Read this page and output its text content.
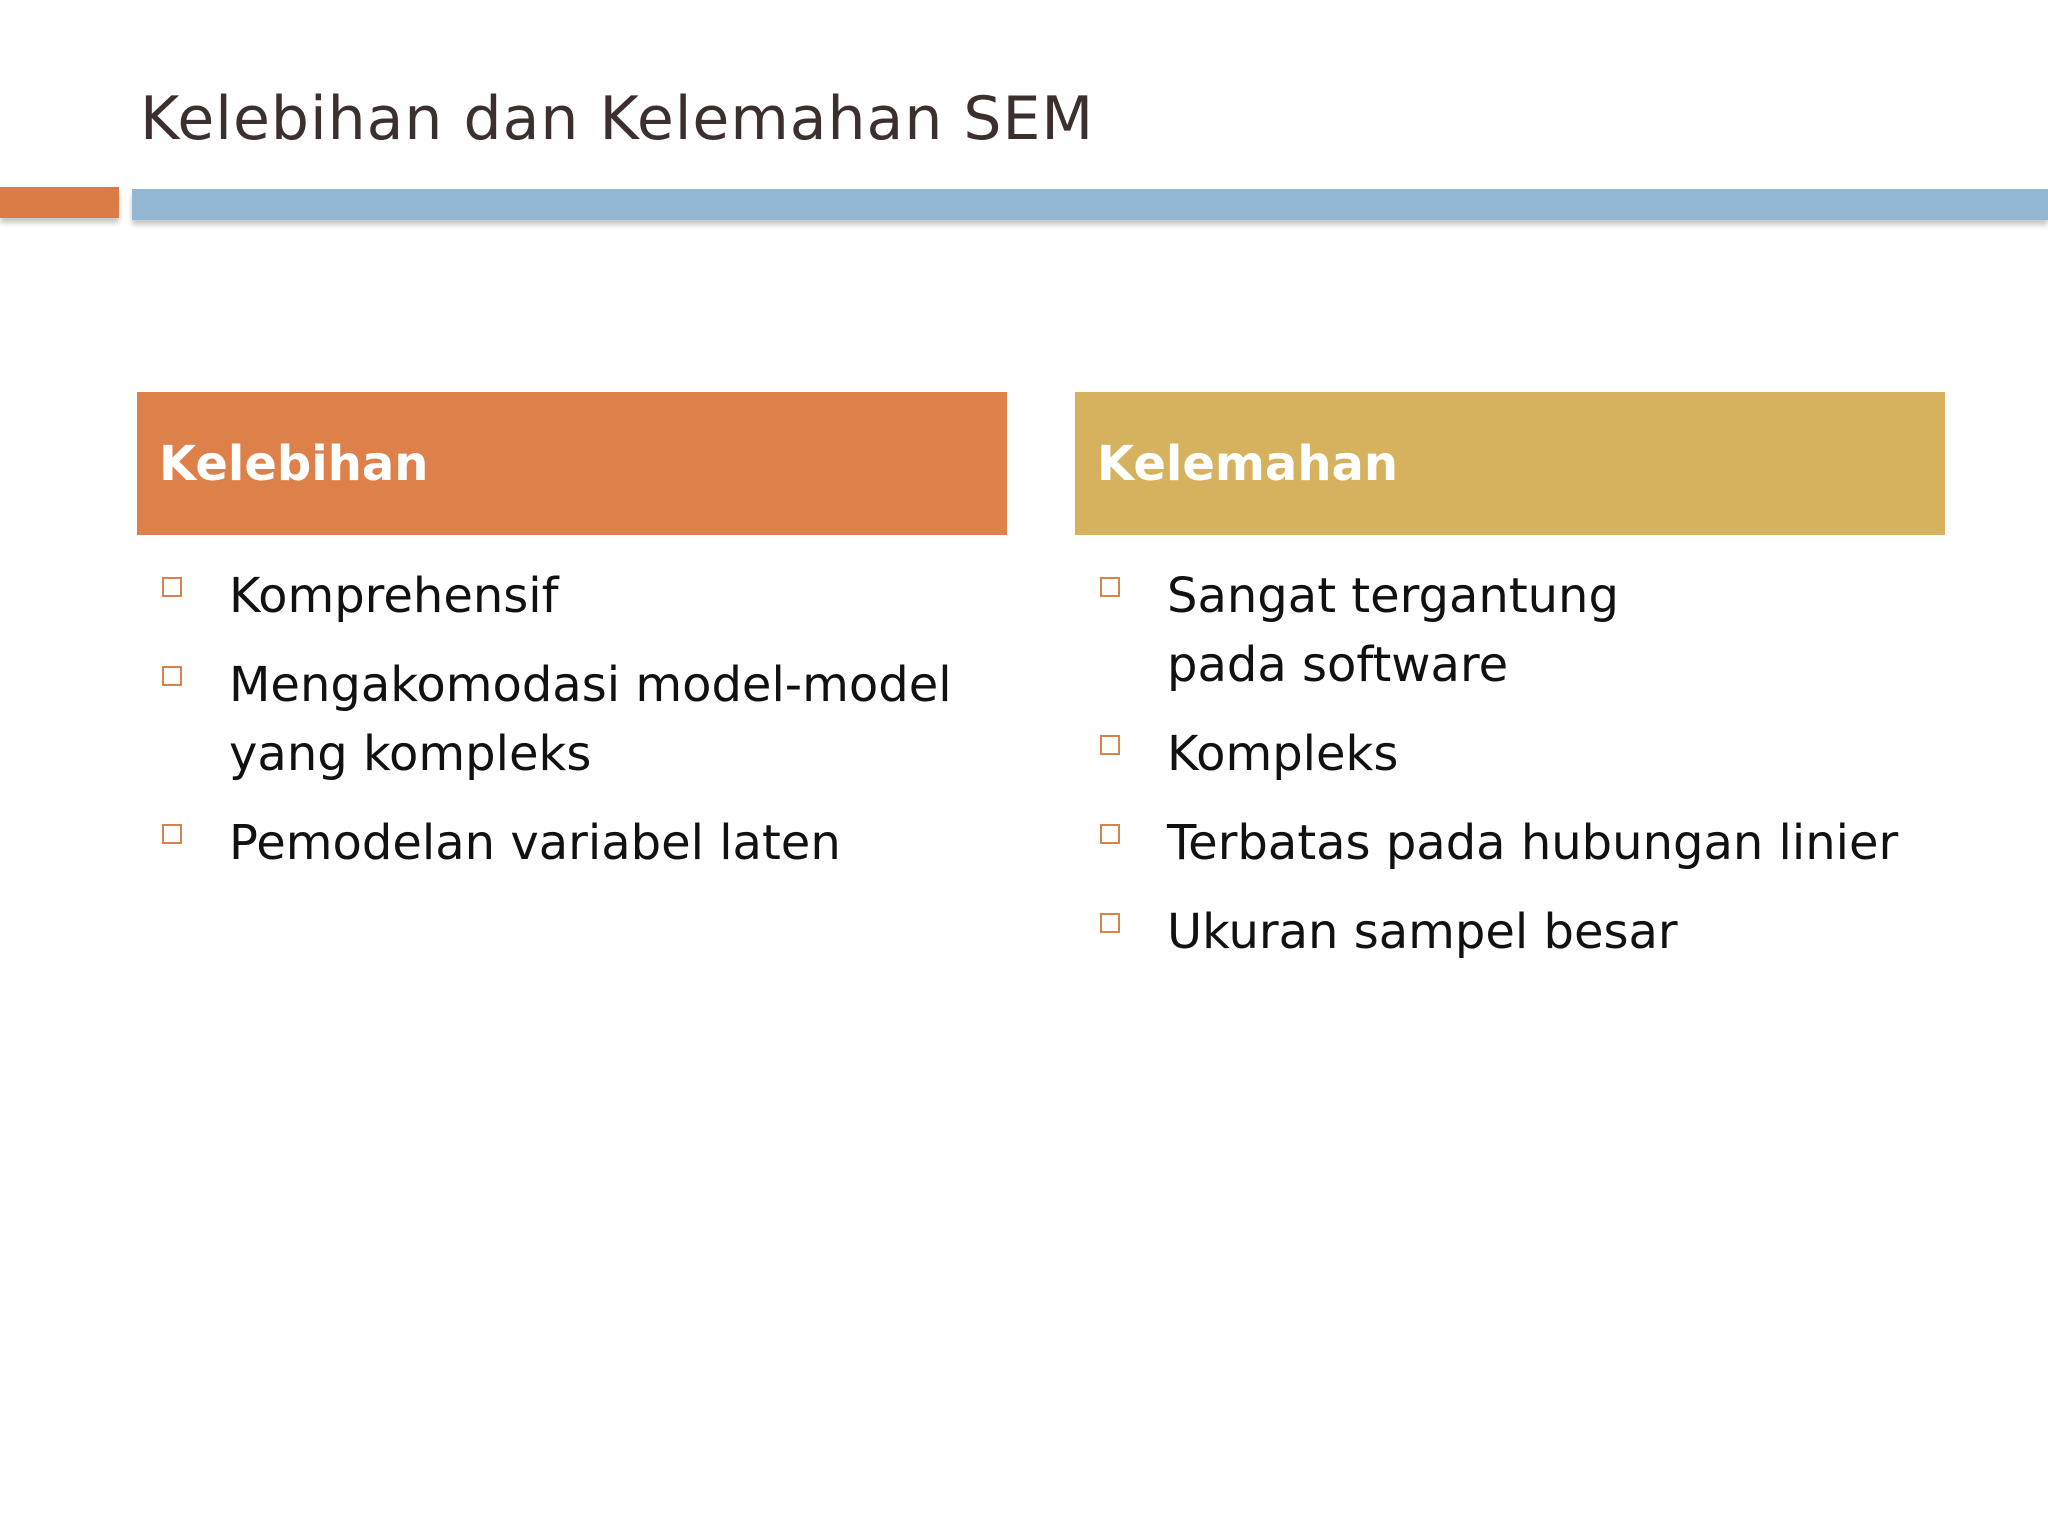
Kelebihan dan Kelemahan SEM
Kelebihan
Komprehensif
Mengakomodasi model-model yang kompleks
Pemodelan variabel laten
Kelemahan
Sangat tergantung pada software
Kompleks
Terbatas pada hubungan linier
Ukuran sampel besar
